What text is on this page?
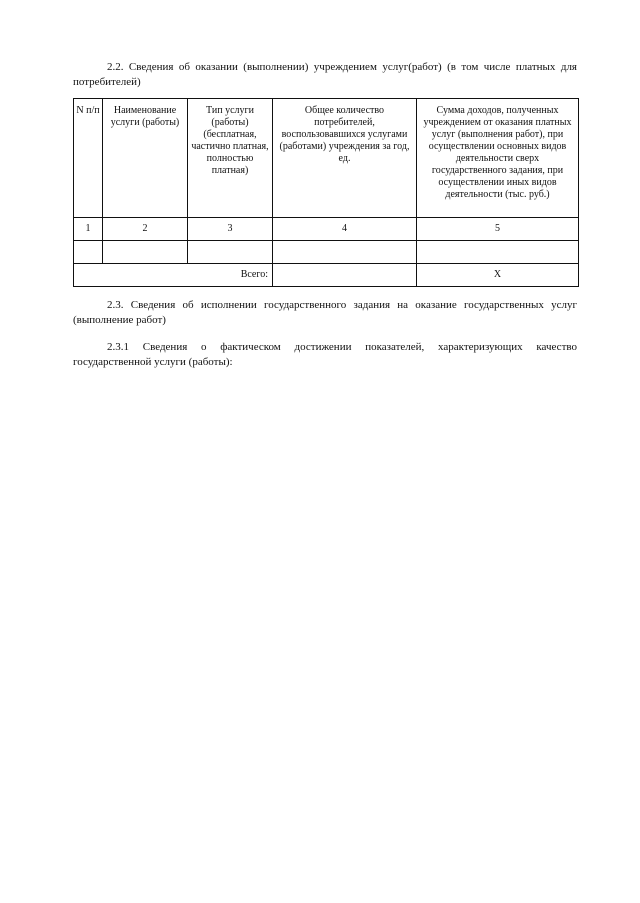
2.2. Сведения об оказании (выполнении) учреждением услуг(работ) (в том числе платных для потребителей)
N п/п	Наименование услуги (работы)	Тип услуги (работы) (бесплатная, частично платная, полностью платная)	Общее количество потребителей, воспользовавшихся услугами (работами) учреждения за год, ед.	Сумма доходов, полученных учреждением от оказания платных услуг (выполнения работ), при осуществлении основных видов деятельности сверх государственного задания, при осуществлении иных видов деятельности (тыс. руб.)
1	2	3	4	5

Всего:				X
2.3. Сведения об исполнении государственного задания на оказание государственных услуг (выполнение работ)
2.3.1 Сведения о фактическом достижении показателей, характеризующих качество государственной услуги (работы):
